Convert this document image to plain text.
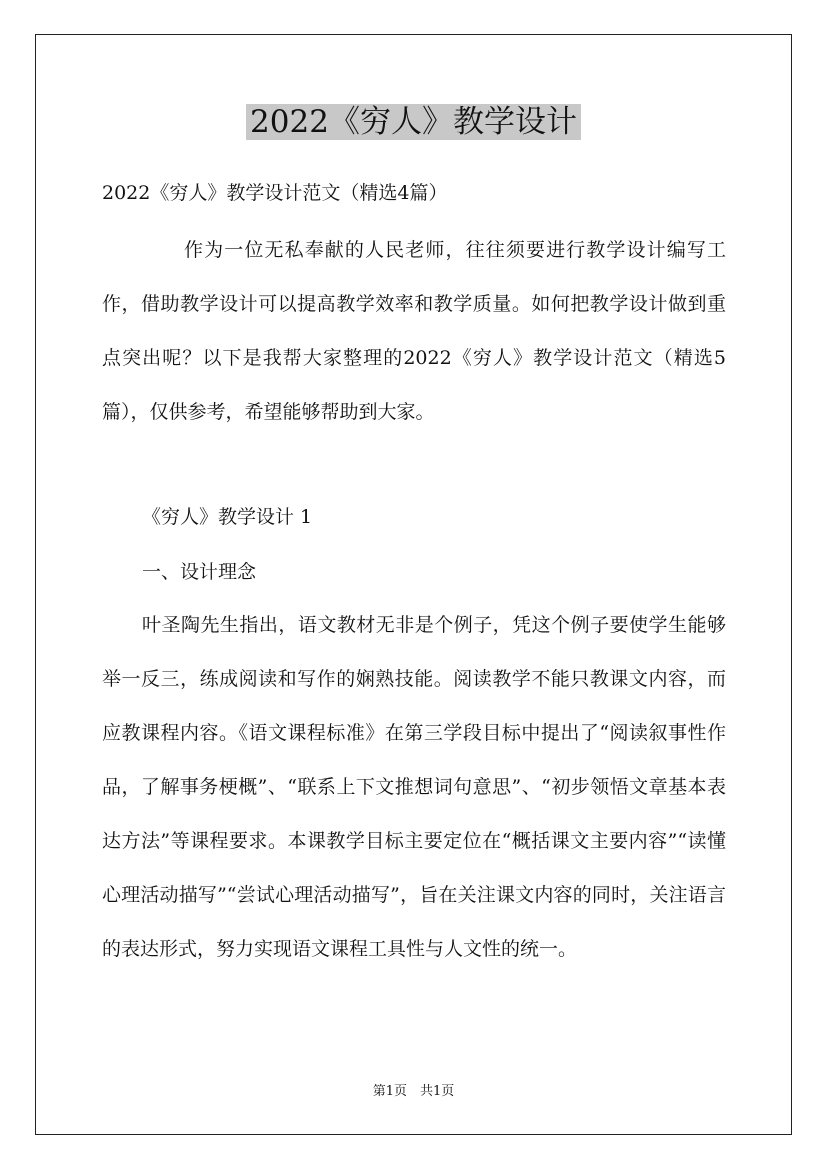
2022《穷人》教学设计
2022《穷人》教学设计范文（精选4篇）

作为一位无私奉献的人民老师，往往须要进行教学设计编写工作，借助教学设计可以提高教学效率和教学质量。如何把教学设计做到重点突出呢？以下是我帮大家整理的2022《穷人》教学设计范文（精选5篇），仅供参考，希望能够帮助到大家。

《穷人》教学设计 1
一、设计理念

叶圣陶先生指出，语文教材无非是个例子，凭这个例子要使学生能够举一反三，练成阅读和写作的娴熟技能。阅读教学不能只教课文内容，而应教课程内容。《语文课程标准》在第三学段目标中提出了“阅读叙事性作品，了解事务梗概”、“联系上下文推想词句意思”、“初步领悟文章基本表达方法”等课程要求。本课教学目标主要定位在“概括课文主要内容”“读懂心理活动描写”“尝试心理活动描写”，旨在关注课文内容的同时，关注语言的表达形式，努力实现语文课程工具性与人文性的统一。

第1页　共1页
